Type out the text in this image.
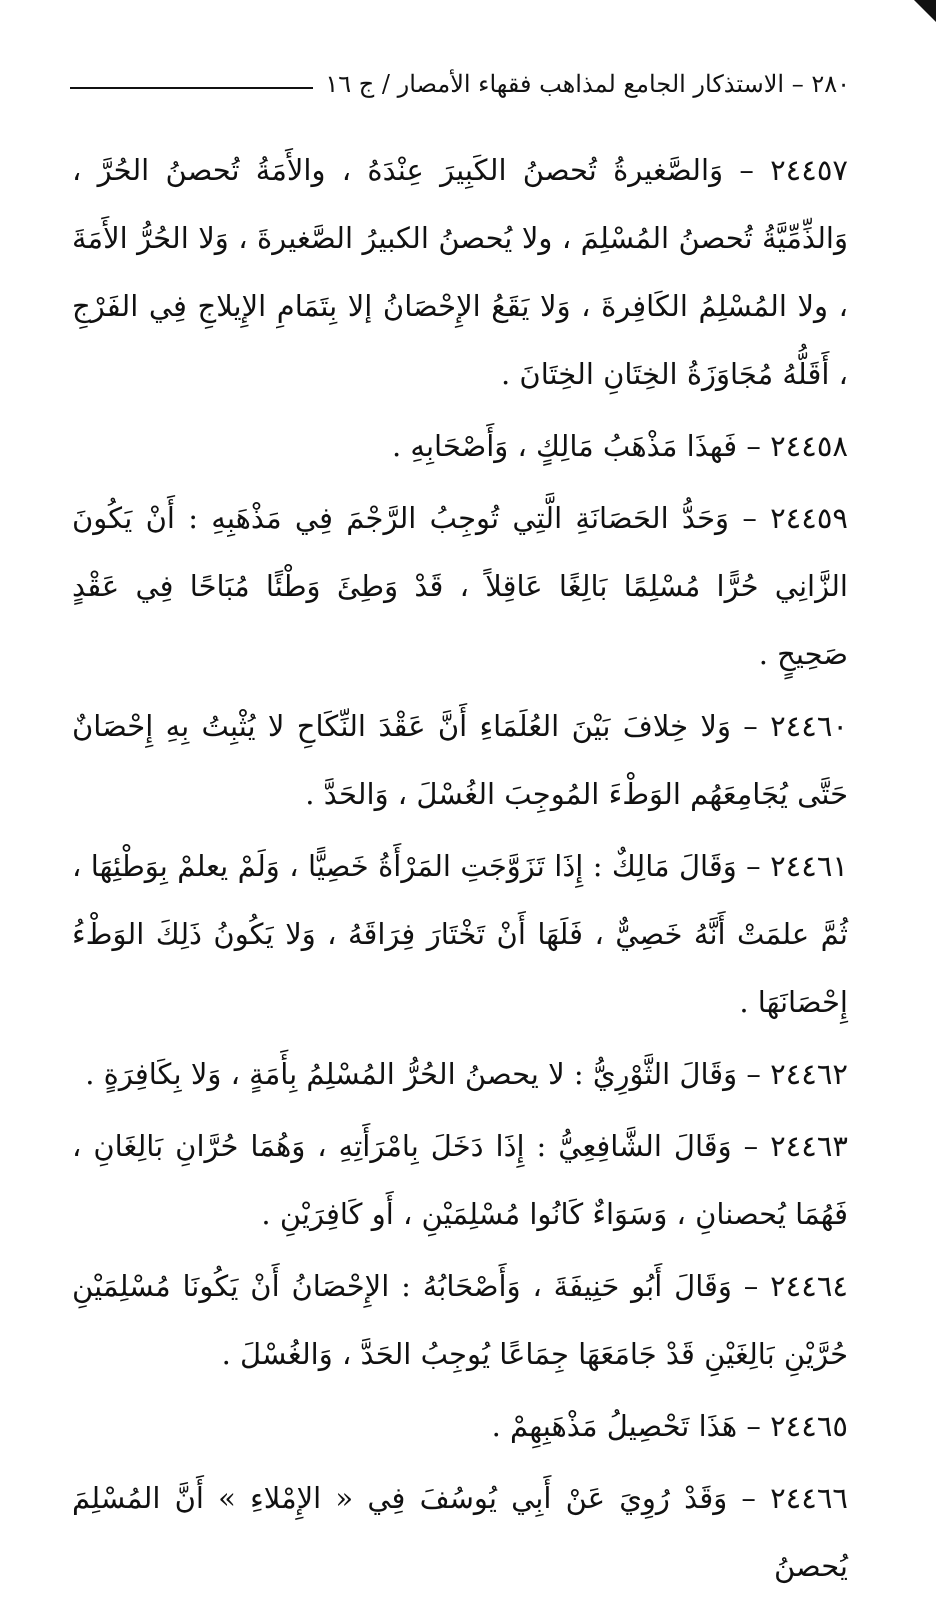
٢٨٠ – الاستذكار الجامع لمذاهب فقهاء الأمصار / ج ١٦

٢٤٤٥٧ – وَالصَّغيرةُ تُحصنُ الكَبِيرَ عِنْدَهُ ، والأَمَةُ تُحصنُ الحُرَّ ، وَالذِّمِّيَّةُ تُحصنُ المُسْلِمَ ، ولا يُحصنُ الكبيرُ الصَّغيرةَ ، وَلا الحُرُّ الأَمَةَ ، ولا المُسْلِمُ الكَافِرةَ ، وَلا يَقَعُ الإِحْصَانُ إلا بِتَمَامِ الإِيلاجِ فِي الفَرْجِ ، أَقَلُّهُ مُجَاوَزَةُ الخِتَانِ الخِتَانَ .

٢٤٤٥٨ – فَهذَا مَذْهَبُ مَالِكٍ ، وَأَصْحَابِهِ .

٢٤٤٥٩ – وَحَدُّ الحَصَانَةِ الَّتِي تُوجِبُ الرَّجْمَ فِي مَذْهَبِهِ : أَنْ يَكُونَ الزَّانِي حُرًّا مُسْلِمًا بَالِغًا عَاقِلاً ، قَدْ وَطِئَ وَطْئًا مُبَاحًا فِي عَقْدٍ صَحِيحٍ .

٢٤٤٦٠ – وَلا خِلافَ بَيْنَ العُلَمَاءِ أَنَّ عَقْدَ النِّكَاحِ لا يُثْبِتُ بِهِ إِحْصَانٌ حَتَّى يُجَامِعَهُم الوَطْءَ المُوجِبَ الغُسْلَ ، وَالحَدَّ .

٢٤٤٦١ – وَقَالَ مَالِكٌ : إِذَا تَزَوَّجَتِ المَرْأَةُ خَصِيًّا ، وَلَمْ يعلمْ بِوَطْئِهَا ، ثُمَّ علمَتْ أَنَّهُ خَصِيٌّ ، فَلَهَا أَنْ تَخْتَارَ فِرَاقَهُ ، وَلا يَكُونُ ذَلِكَ الوَطْءُ إِحْصَانَهَا .

٢٤٤٦٢ – وَقَالَ الثَّوْرِيُّ : لا يحصنُ الحُرُّ المُسْلِمُ بِأَمَةٍ ، وَلا بِكَافِرَةٍ .

٢٤٤٦٣ – وَقَالَ الشَّافِعِيُّ : إِذَا دَخَلَ بِامْرَأَتِهِ ، وَهُمَا حُرَّانِ بَالِغَانِ ، فَهُمَا يُحصنانِ ، وَسَوَاءٌ كَانُوا مُسْلِمَيْنِ ، أَو كَافِرَيْنِ .

٢٤٤٦٤ – وَقَالَ أَبُو حَنِيفَةَ ، وَأَصْحَابُهُ : الإِحْصَانُ أَنْ يَكُونَا مُسْلِمَيْنِ حُرَّيْنِ بَالِغَيْنِ قَدْ جَامَعَهَا جِمَاعًا يُوجِبُ الحَدَّ ، وَالغُسْلَ .

٢٤٤٦٥ – هَذَا تَحْصِيلُ مَذْهَبِهِمْ .

٢٤٤٦٦ – وَقَدْ رُوِيَ عَنْ أَبِي يُوسُفَ فِي « الإِمْلاءِ » أَنَّ المُسْلِمَ يُحصنُ
